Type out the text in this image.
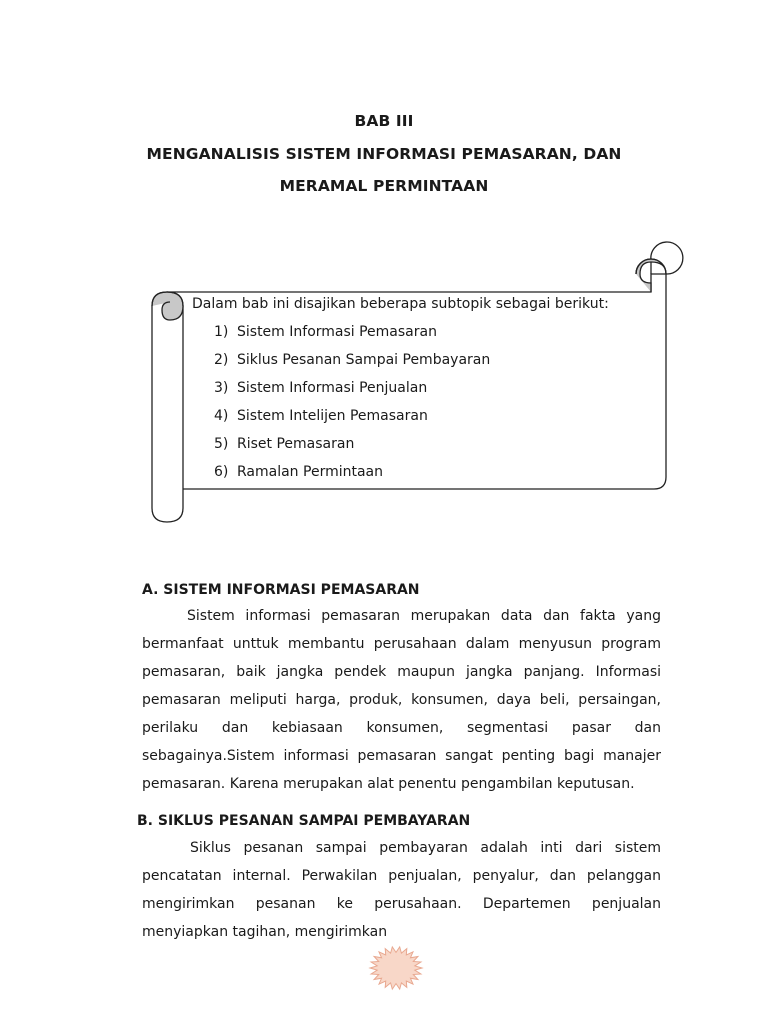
BAB III
MENGANALISIS SISTEM INFORMASI PEMASARAN, DAN
MERAMAL PERMINTAAN
Dalam bab ini disajikan beberapa subtopik sebagai berikut:
1) Sistem Informasi Pemasaran
2) Siklus Pesanan Sampai Pembayaran
3) Sistem Informasi Penjualan
4) Sistem Intelijen Pemasaran
5) Riset Pemasaran
6) Ramalan Permintaan
A. SISTEM INFORMASI PEMASARAN
Sistem informasi pemasaran merupakan data dan fakta yang bermanfaat unttuk membantu perusahaan dalam menyusun program pemasaran, baik jangka pendek maupun jangka panjang. Informasi pemasaran meliputi harga, produk, konsumen, daya beli, persaingan, perilaku dan kebiasaan konsumen, segmentasi pasar dan sebagainya.Sistem informasi pemasaran sangat penting bagi manajer pemasaran. Karena merupakan alat penentu pengambilan keputusan.
B. SIKLUS PESANAN SAMPAI PEMBAYARAN
Siklus pesanan sampai pembayaran adalah inti dari sistem pencatatan internal. Perwakilan penjualan, penyalur, dan pelanggan mengirimkan pesanan ke perusahaan. Departemen penjualan menyiapkan tagihan, mengirimkan
